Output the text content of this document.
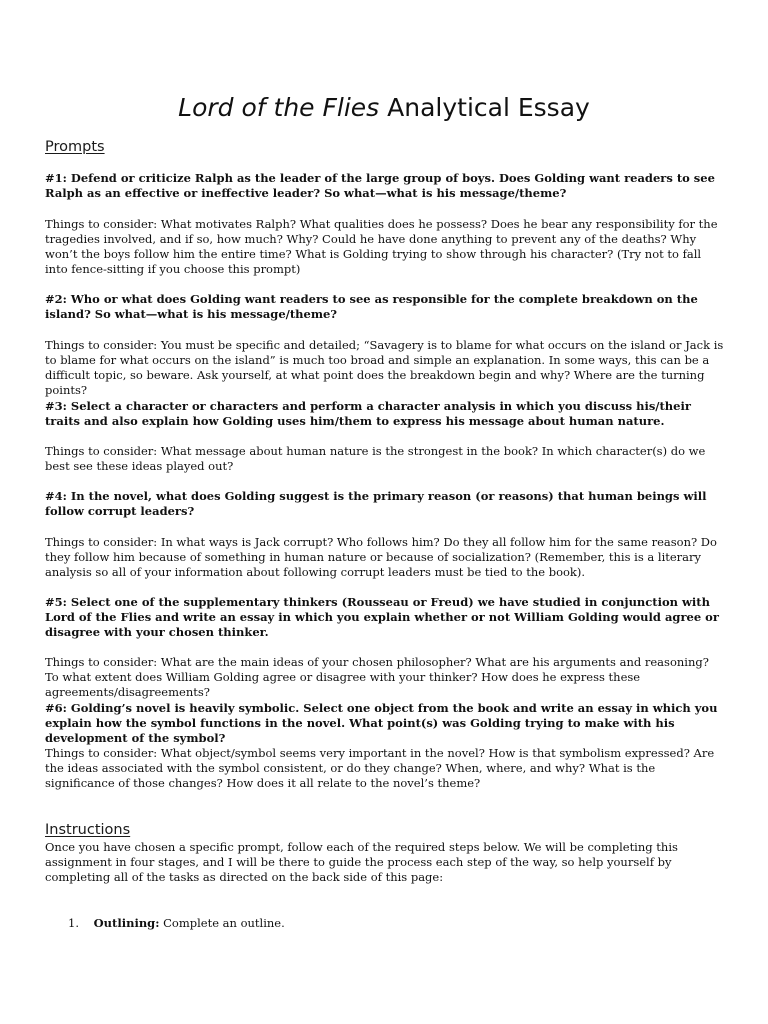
Lord of the Flies Analytical Essay
Prompts

#1: Defend or criticize Ralph as the leader of the large group of boys. Does Golding want readers to see Ralph as an effective or ineffective leader? So what—what is his message/theme?

Things to consider: What motivates Ralph? What qualities does he possess? Does he bear any responsibility for the tragedies involved, and if so, how much? Why? Could he have done anything to prevent any of the deaths? Why won’t the boys follow him the entire time? What is Golding trying to show through his character? (Try not to fall into fence-sitting if you choose this prompt)

#2: Who or what does Golding want readers to see as responsible for the complete breakdown on the island? So what—what is his message/theme?

Things to consider: You must be specific and detailed; “Savagery is to blame for what occurs on the island or Jack is to blame for what occurs on the island” is much too broad and simple an explanation. In some ways, this can be a difficult topic, so beware. Ask yourself, at what point does the breakdown begin and why? Where are the turning points?

#3: Select a character or characters and perform a character analysis in which you discuss his/their traits and also explain how Golding uses him/them to express his message about human nature.

Things to consider: What message about human nature is the strongest in the book? In which character(s) do we best see these ideas played out?

#4: In the novel, what does Golding suggest is the primary reason (or reasons) that human beings will follow corrupt leaders?

Things to consider: In what ways is Jack corrupt? Who follows him? Do they all follow him for the same reason? Do they follow him because of something in human nature or because of socialization? (Remember, this is a literary analysis so all of your information about following corrupt leaders must be tied to the book).

#5: Select one of the supplementary thinkers (Rousseau or Freud) we have studied in conjunction with Lord of the Flies and write an essay in which you explain whether or not William Golding would agree or disagree with your chosen thinker.

Things to consider: What are the main ideas of your chosen philosopher? What are his arguments and reasoning? To what extent does William Golding agree or disagree with your thinker? How does he express these agreements/disagreements?

#6: Golding’s novel is heavily symbolic. Select one object from the book and write an essay in which you explain how the symbol functions in the novel. What point(s) was Golding trying to make with his development of the symbol?

Things to consider: What object/symbol seems very important in the novel? How is that symbolism expressed? Are the ideas associated with the symbol consistent, or do they change? When, where, and why? What is the significance of those changes? How does it all relate to the novel’s theme?

Instructions

Once you have chosen a specific prompt, follow each of the required steps below. We will be completing this assignment in four stages, and I will be there to guide the process each step of the way, so help yourself by completing all of the tasks as directed on the back side of this page:

1. Outlining: Complete an outline.
